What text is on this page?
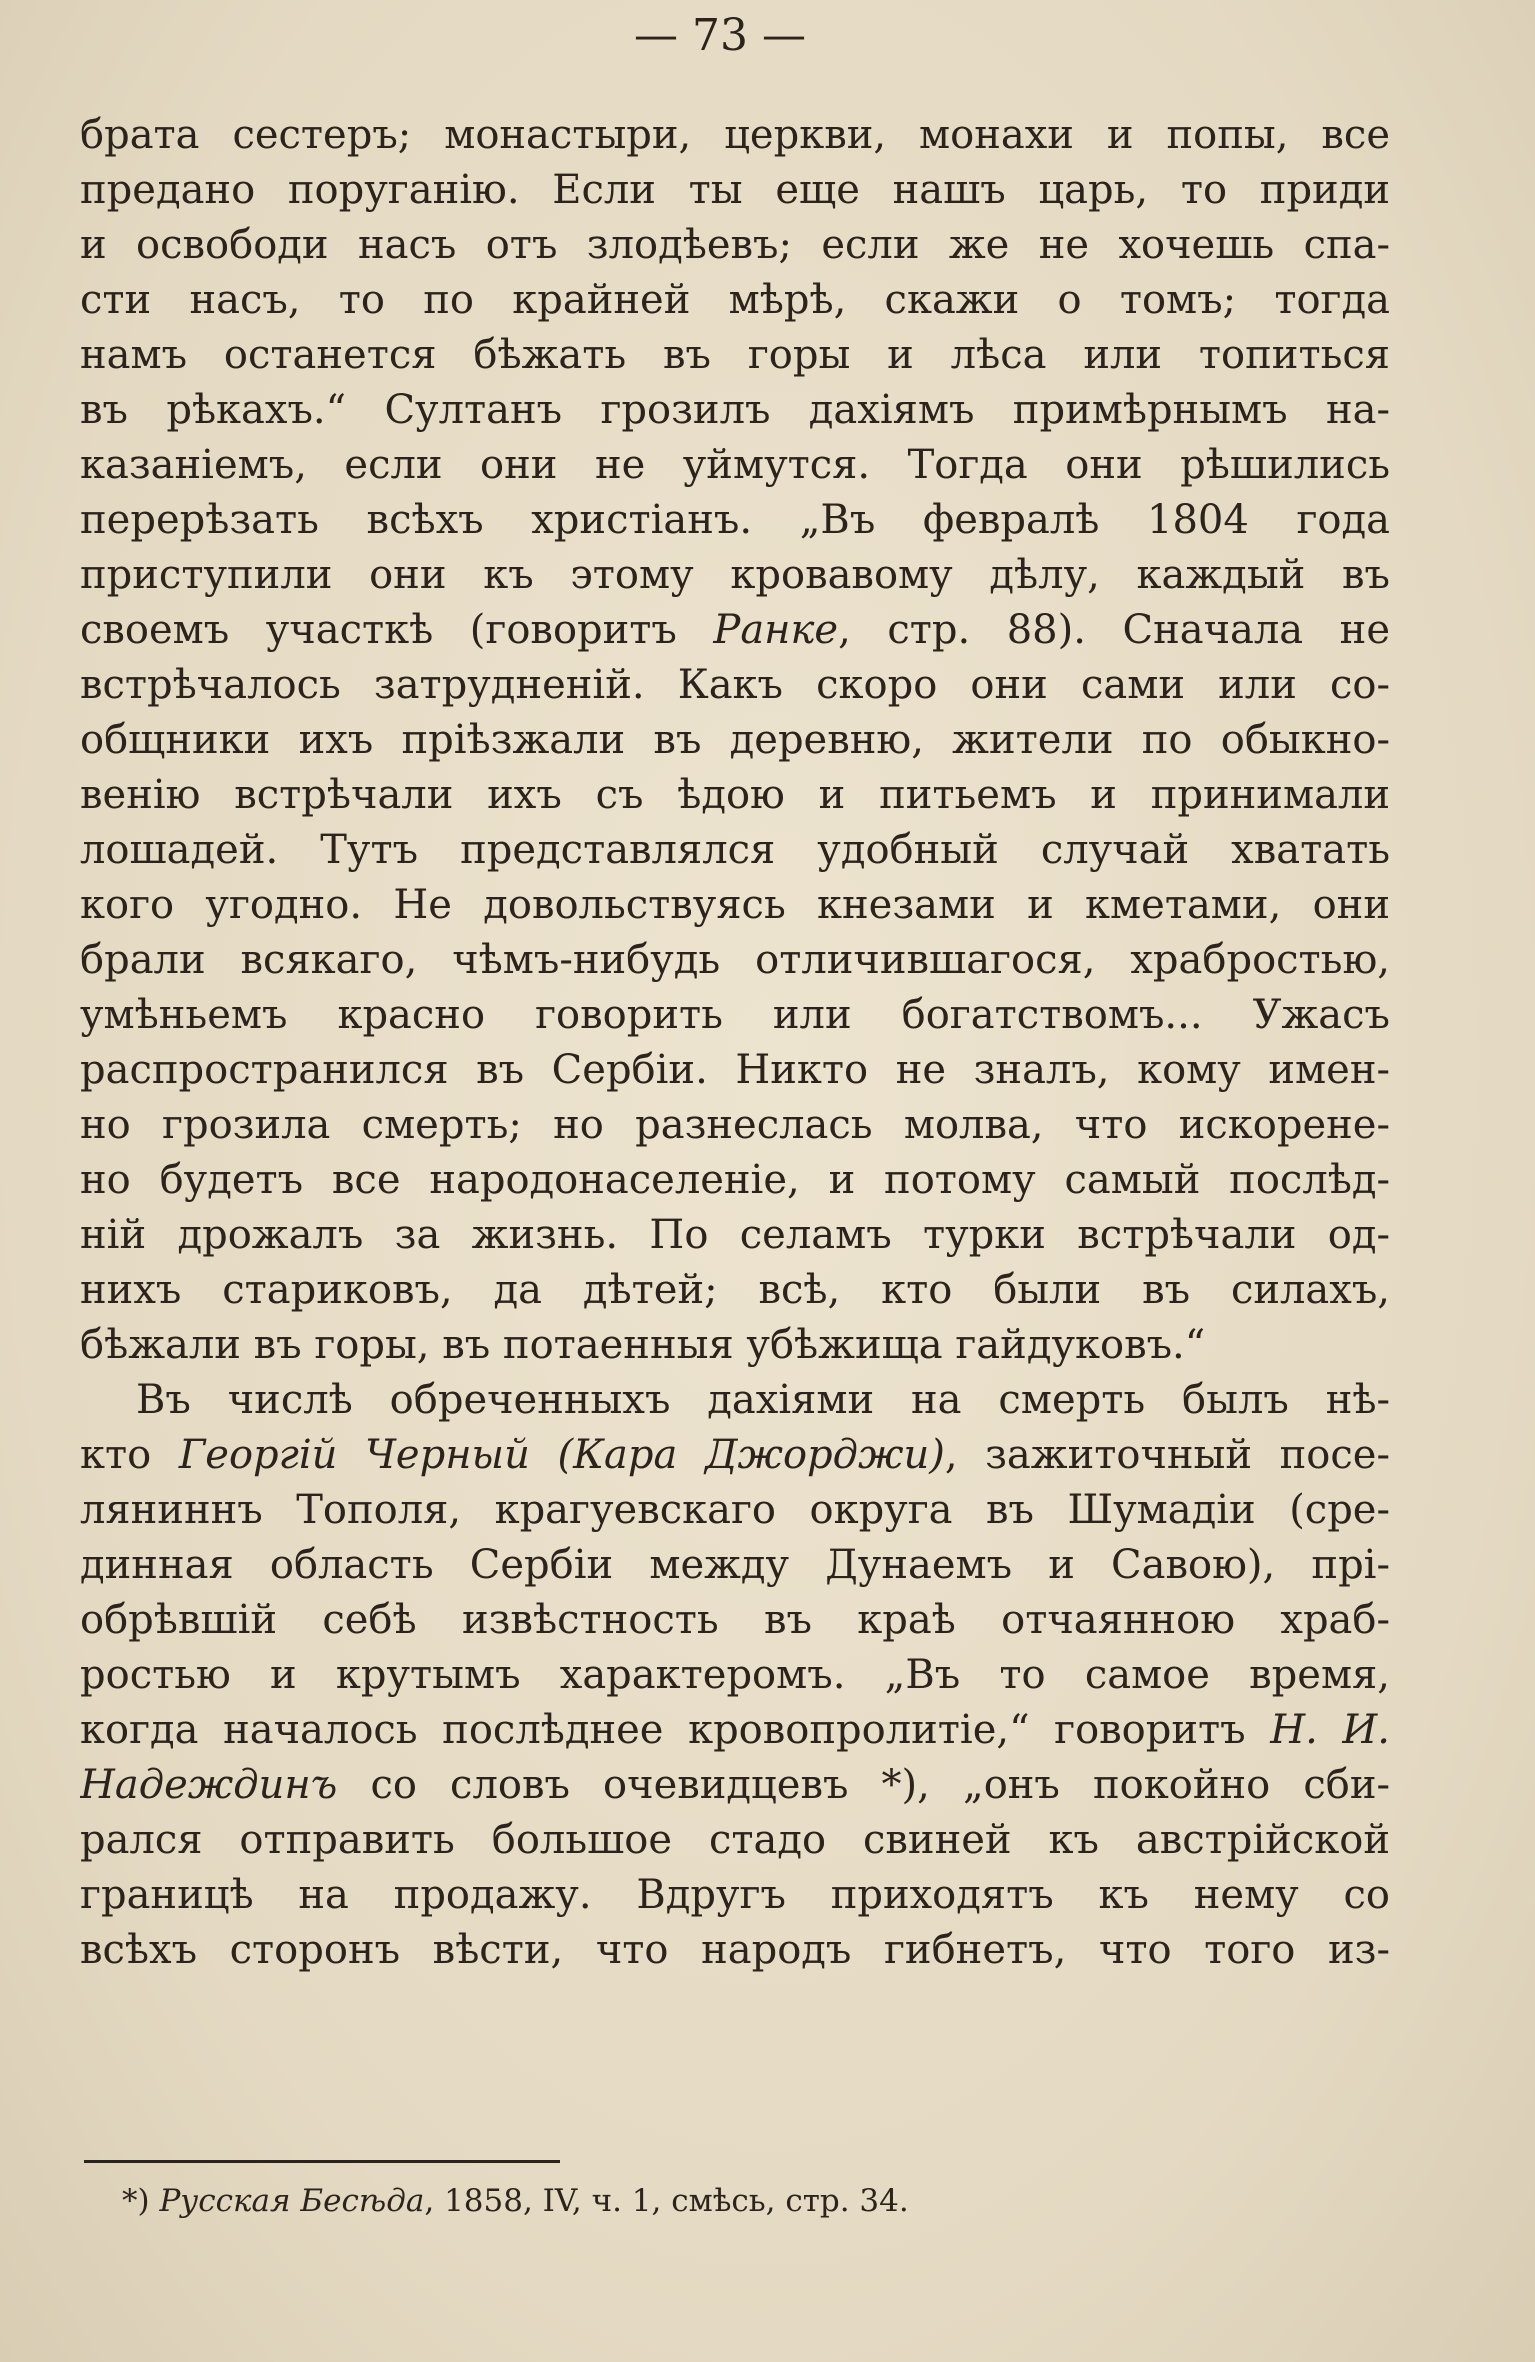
— 73 —
брата сестеръ; монастыри, церкви, монахи и попы, все
предано поруганію. Если ты еще нашъ царь, то приди
и освободи насъ отъ злодѣевъ; если же не хочешь спа-
сти насъ, то по крайней мѣрѣ, скажи о томъ; тогда
намъ останется бѣжать въ горы и лѣса или топиться
въ рѣкахъ.“ Султанъ грозилъ дахіямъ примѣрнымъ на-
казаніемъ, если они не уймутся. Тогда они рѣшились
перерѣзать всѣхъ христіанъ. „Въ февралѣ 1804 года
приступили они къ этому кровавому дѣлу, каждый въ
своемъ участкѣ (говоритъ Ранке, стр. 88). Сначала не
встрѣчалось затрудненій. Какъ скоро они сами или со-
общники ихъ пріѣзжали въ деревню, жители по обыкно-
венію встрѣчали ихъ съ ѣдою и питьемъ и принимали
лошадей. Тутъ представлялся удобный случай хватать
кого угодно. Не довольствуясь кнезами и кметами, они
брали всякаго, чѣмъ-нибудь отличившагося, храбростью,
умѣньемъ красно говорить или богатствомъ... Ужасъ
распространился въ Сербіи. Никто не зналъ, кому имен-
но грозила смерть; но разнеслась молва, что искорене-
но будетъ все народонаселеніе, и потому самый послѣд-
ній дрожалъ за жизнь. По селамъ турки встрѣчали од-
нихъ стариковъ, да дѣтей; всѣ, кто были въ силахъ,
бѣжали въ горы, въ потаенныя убѣжища гайдуковъ.“
Въ числѣ обреченныхъ дахіями на смерть былъ нѣ-
кто Георгій Черный (Кара Джорджи), зажиточный посе-
ляниннъ Тополя, крагуевскаго округа въ Шумадіи (сре-
динная область Сербіи между Дунаемъ и Савою), прі-
обрѣвшій себѣ извѣстность въ краѣ отчаянною храб-
ростью и крутымъ характеромъ. „Въ то самое время,
когда началось послѣднее кровопролитіе,“ говоритъ Н. И.
Надеждинъ со словъ очевидцевъ *), „онъ покойно сби-
рался отправить большое стадо свиней къ австрійской
границѣ на продажу. Вдругъ приходятъ къ нему со
всѣхъ сторонъ вѣсти, что народъ гибнетъ, что того из-
*) Русская Бесѣда, 1858, IV, ч. 1, смѣсь, стр. 34.
